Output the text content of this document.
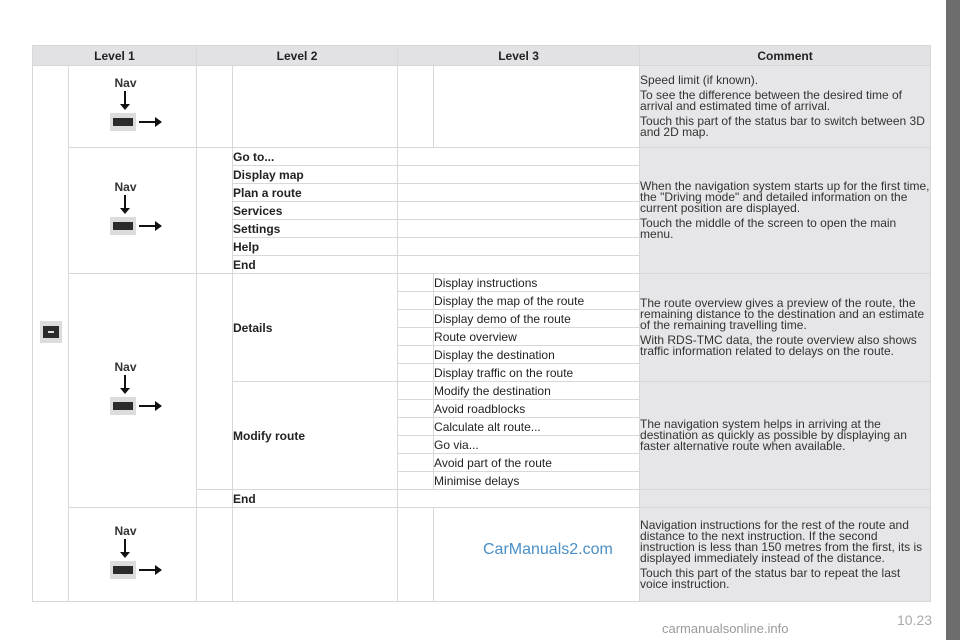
Level 1		Level 2		Level 3		Comment

	Nav					Speed limit (if known).

To see the difference between the desired time of arrival and estimated time of arrival.

Touch this part of the status bar to switch between 3D and 2D map.

	Nav		Go to...			When the navigation system starts up for the first time, the "Driving mode" and detailed information on the current position are displayed.

Touch the middle of the screen to open the main menu.

			Display map			
			Plan a route			
			Services			
			Settings			
			Help			
			End			

	Nav		Details		Display instructions	The route overview gives a preview of the route, the remaining distance to the destination and an estimate of the remaining travelling time.

With RDS-TMC data, the route overview also shows traffic information related to delays on the route.

					Display the map of the route	
					Display demo of the route	
					Route overview	
					Display the destination	
					Display traffic on the route	
			Modify route		Modify the destination	The navigation system helps in arriving at the destination as quickly as possible by displaying an faster alternative route when available.

					Avoid roadblocks	
					Calculate alt route...	
					Go via...	
					Avoid part of the route	
					Minimise delays	
			End			

	Nav					Navigation instructions for the rest of the route and distance to the next instruction. If the second instruction is less than 150 metres from the first, its is displayed immediately instead of the distance.

Touch this part of the status bar to repeat the last voice instruction.

CarManuals2.com
10.23
carmanualsonline.info
